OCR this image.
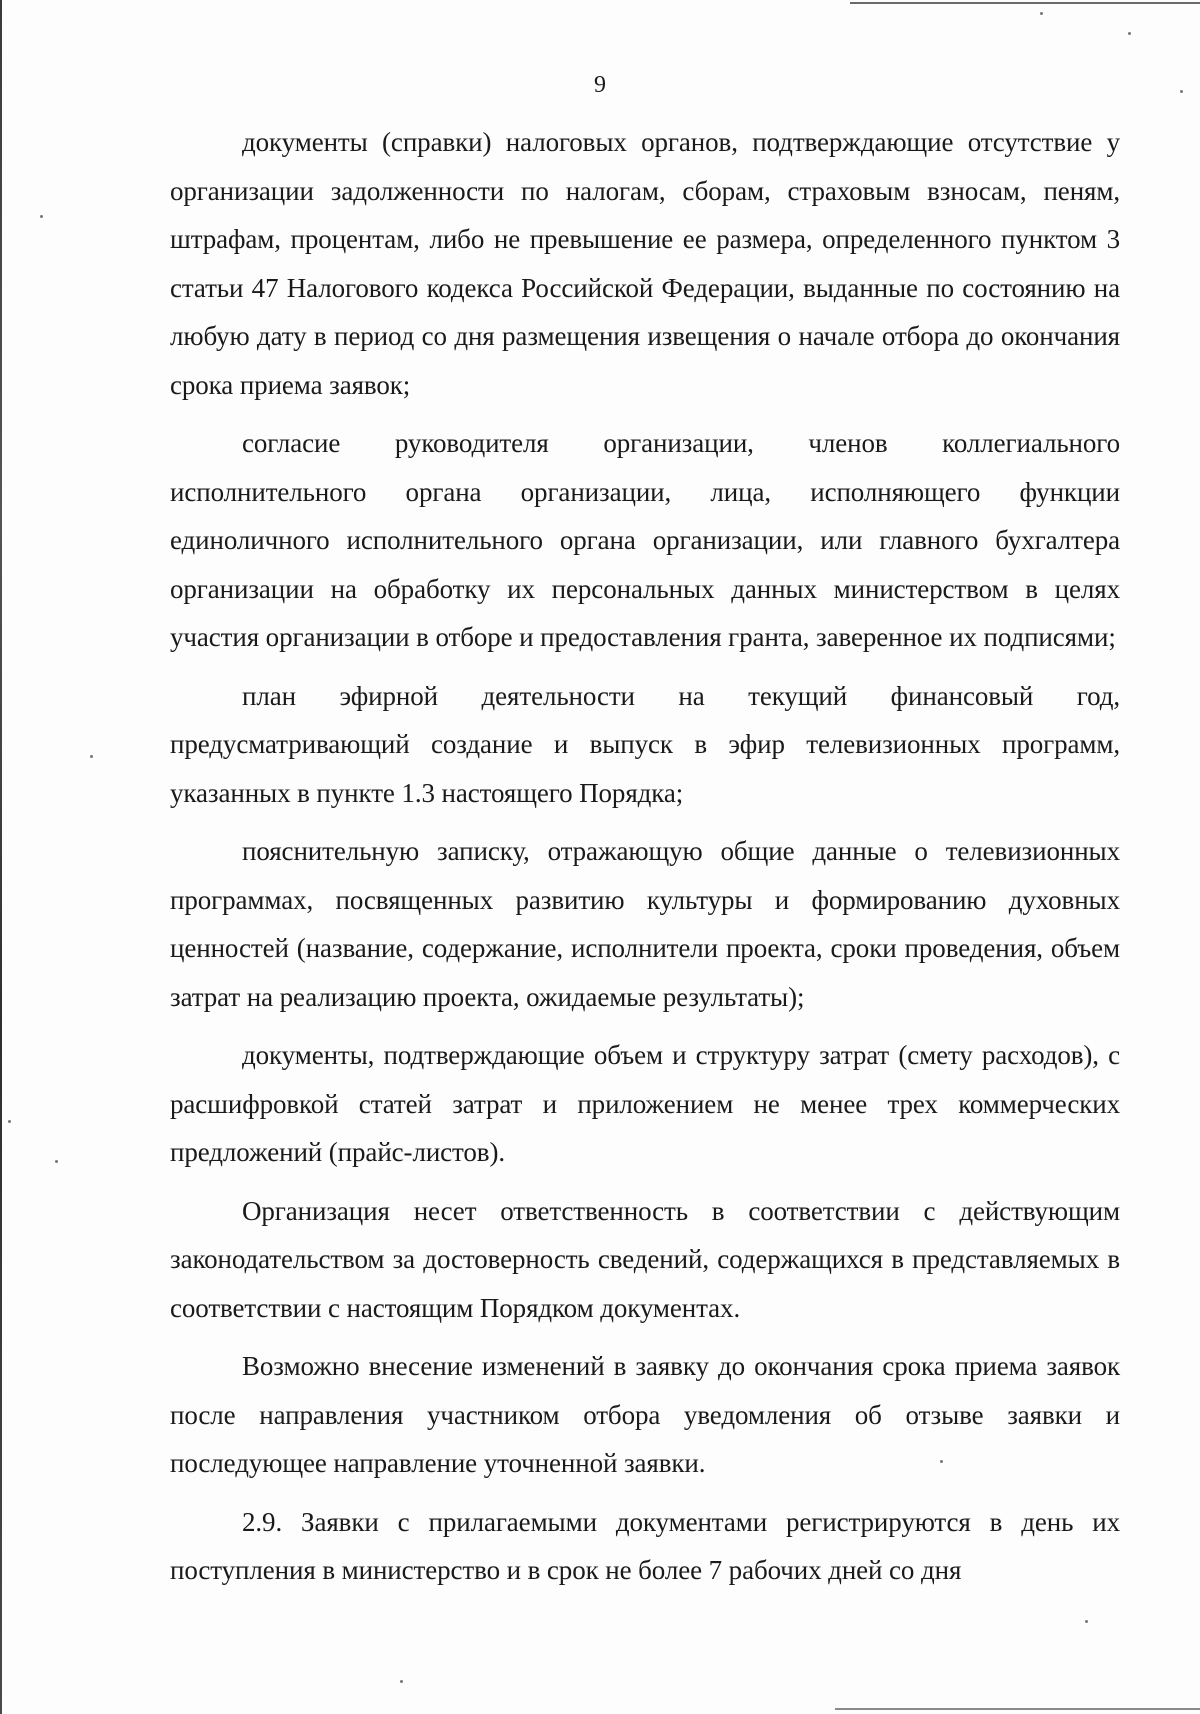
9

документы (справки) налоговых органов, подтверждающие отсутствие у организации задолженности по налогам, сборам, страховым взносам, пеням, штрафам, процентам, либо не превышение ее размера, определенного пунктом 3 статьи 47 Налогового кодекса Российской Федерации, выданные по состоянию на любую дату в период со дня размещения извещения о начале отбора до окончания срока приема заявок;

согласие руководителя организации, членов коллегиального исполнительного органа организации, лица, исполняющего функции единоличного исполнительного органа организации, или главного бухгалтера организации на обработку их персональных данных министерством в целях участия организации в отборе и предоставления гранта, заверенное их подписями;

план эфирной деятельности на текущий финансовый год, предусматривающий создание и выпуск в эфир телевизионных программ, указанных в пункте 1.3 настоящего Порядка;

пояснительную записку, отражающую общие данные о телевизионных программах, посвященных развитию культуры и формированию духовных ценностей (название, содержание, исполнители проекта, сроки проведения, объем затрат на реализацию проекта, ожидаемые результаты);

документы, подтверждающие объем и структуру затрат (смету расходов), с расшифровкой статей затрат и приложением не менее трех коммерческих предложений (прайс-листов).

Организация несет ответственность в соответствии с действующим законодательством за достоверность сведений, содержащихся в представляемых в соответствии с настоящим Порядком документах.

Возможно внесение изменений в заявку до окончания срока приема заявок после направления участником отбора уведомления об отзыве заявки и последующее направление уточненной заявки.

2.9. Заявки с прилагаемыми документами регистрируются в день их поступления в министерство и в срок не более 7 рабочих дней со дня
